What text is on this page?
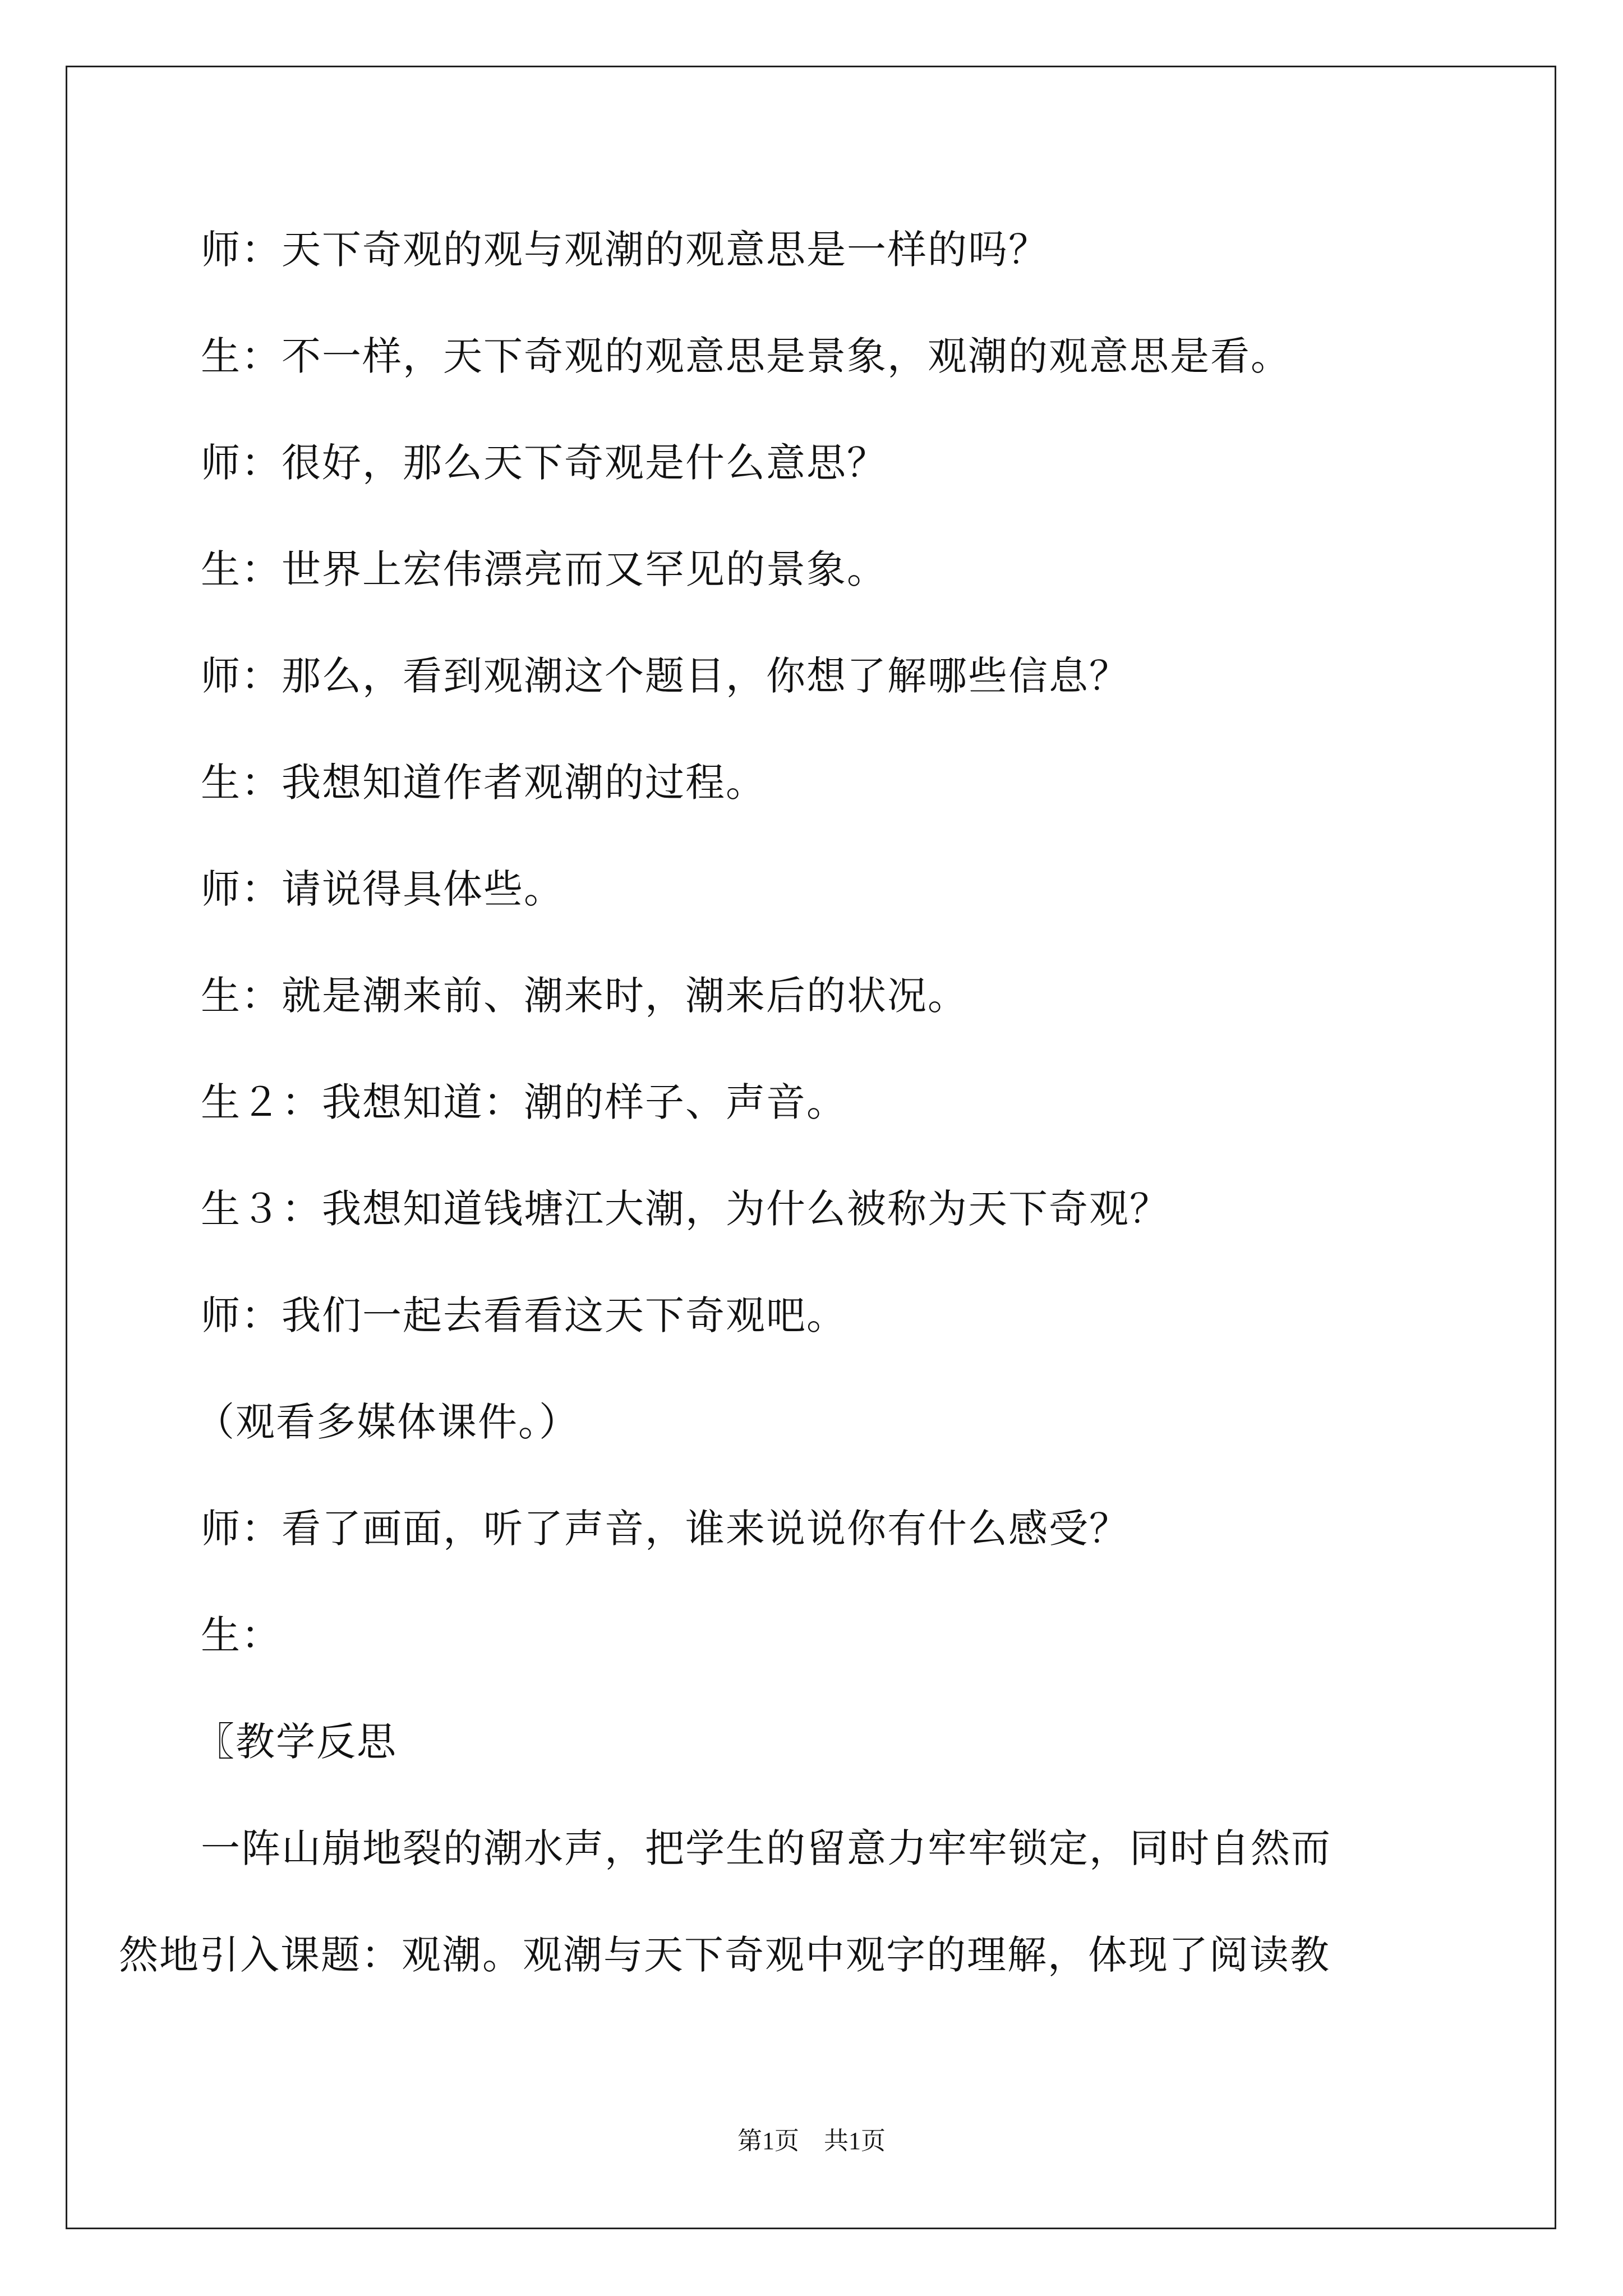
师：天下奇观的观与观潮的观意思是一样的吗？
生：不一样，天下奇观的观意思是景象，观潮的观意思是看。
师：很好，那么天下奇观是什么意思？
生：世界上宏伟漂亮而又罕见的景象。
师：那么，看到观潮这个题目，你想了解哪些信息？
生：我想知道作者观潮的过程。
师：请说得具体些。
生：就是潮来前、潮来时，潮来后的状况。
生２：我想知道：潮的样子、声音。
生３：我想知道钱塘江大潮，为什么被称为天下奇观？
师：我们一起去看看这天下奇观吧。
（观看多媒体课件。）
师：看了画面，听了声音，谁来说说你有什么感受？
生：
〖教学反思
一阵山崩地裂的潮水声，把学生的留意力牢牢锁定，同时自然而
然地引入课题：观潮。观潮与天下奇观中观字的理解，体现了阅读教
第1页　共1页
